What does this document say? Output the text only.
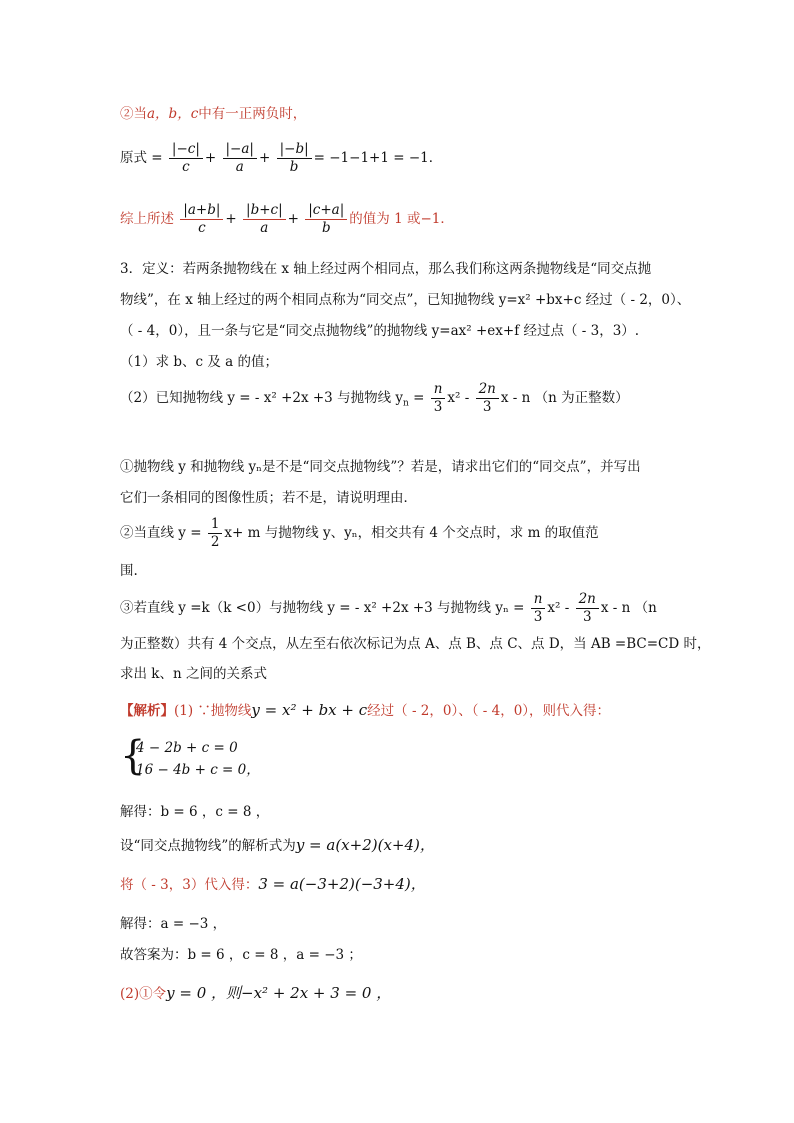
②当a，b，c中有一正两负时，
原式 = $\frac{|-c|}{c} + \frac{|-a|}{a} + \frac{|-b|}{b} = -1-1+1 = -1$．
综上所述 $\frac{|a+b|}{c} + \frac{|b+c|}{a} + \frac{|c+a|}{b}$ 的值为 1 或−1．
3．定义：若两条抛物线在 x 轴上经过两个相同点，那么我们称这两条抛物线是“同交点抛
物线”，在 x 轴上经过的两个相同点称为“同交点”，已知抛物线 y=x² +bx+c 经过（ - 2，0）、
（ - 4，0），且一条与它是“同交点抛物线”的抛物线 y=ax² +ex+f 经过点（ - 3，3）.
（1）求 b、c 及 a 的值；
（2）已知抛物线 y = - x² +2x +3 与抛物线 $y_n = \frac{n}{3} x^2 - \frac{2n}{3}$ x - n （n 为正整数）
①抛物线 y 和抛物线 yₙ是不是“同交点抛物线”？若是，请求出它们的“同交点”，并写出
它们一条相同的图像性质；若不是，请说明理由．
②当直线 $y = \frac{1}{2} x+ m$ 与抛物线 y、yₙ，相交共有 4 个交点时，求 m 的取值范
围.
③若直线 y =k（k <0）与抛物线 y = - x² +2x +3 与抛物线 $y_n = \frac{n}{3} x^2 - \frac{2n}{3}$ x - n （n
为正整数）共有 4 个交点，从左至右依次标记为点 A、点 B、点 C、点 D，当 AB =BC=CD 时，
求出 k、n 之间的关系式
【解析】(1) ∵抛物线y = x² + bx + c经过（ - 2，0）、（ - 4，0），则代入得：
{
4 − 2b + c = 0
16 − 4b + c = 0，
解得：b = 6 ，c = 8 ，
设“同交点抛物线”的解析式为y = a(x+2)(x+4)，
将（ - 3，3）代入得：3 = a(−3+2)(−3+4)，
解得：a = −3 ，
故答案为：b = 6 ，c = 8 ，a = −3 ；
(2)①令y = 0 ，则−x² + 2x + 3 = 0 ，
